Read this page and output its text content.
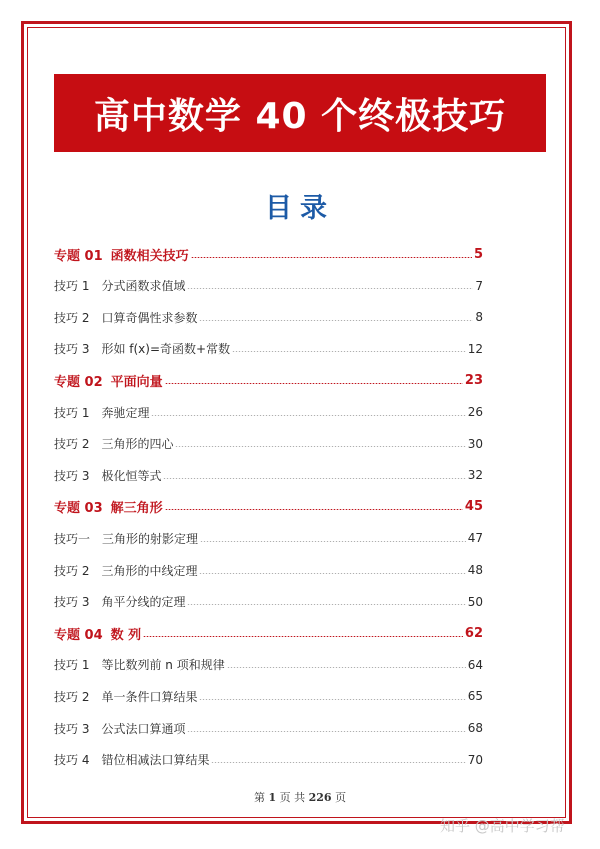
高中数学 40 个终极技巧
目录
专题 01 函数相关技巧	5
技巧 1 分式函数求值域	7
技巧 2 口算奇偶性求参数	8
技巧 3 形如 f(x)=奇函数+常数	12
专题 02 平面向量	23
技巧 1 奔驰定理	26
技巧 2 三角形的四心	30
技巧 3 极化恒等式	32
专题 03 解三角形	45
技巧一 三角形的射影定理	47
技巧 2 三角形的中线定理	48
技巧 3 角平分线的定理	50
专题 04 数 列	62
技巧 1 等比数列前 n 项和规律	64
技巧 2 单一条件口算结果	65
技巧 3 公式法口算通项	68
技巧 4 错位相减法口算结果	70
第 1 页 共 226 页
知乎 @高中学习帮
